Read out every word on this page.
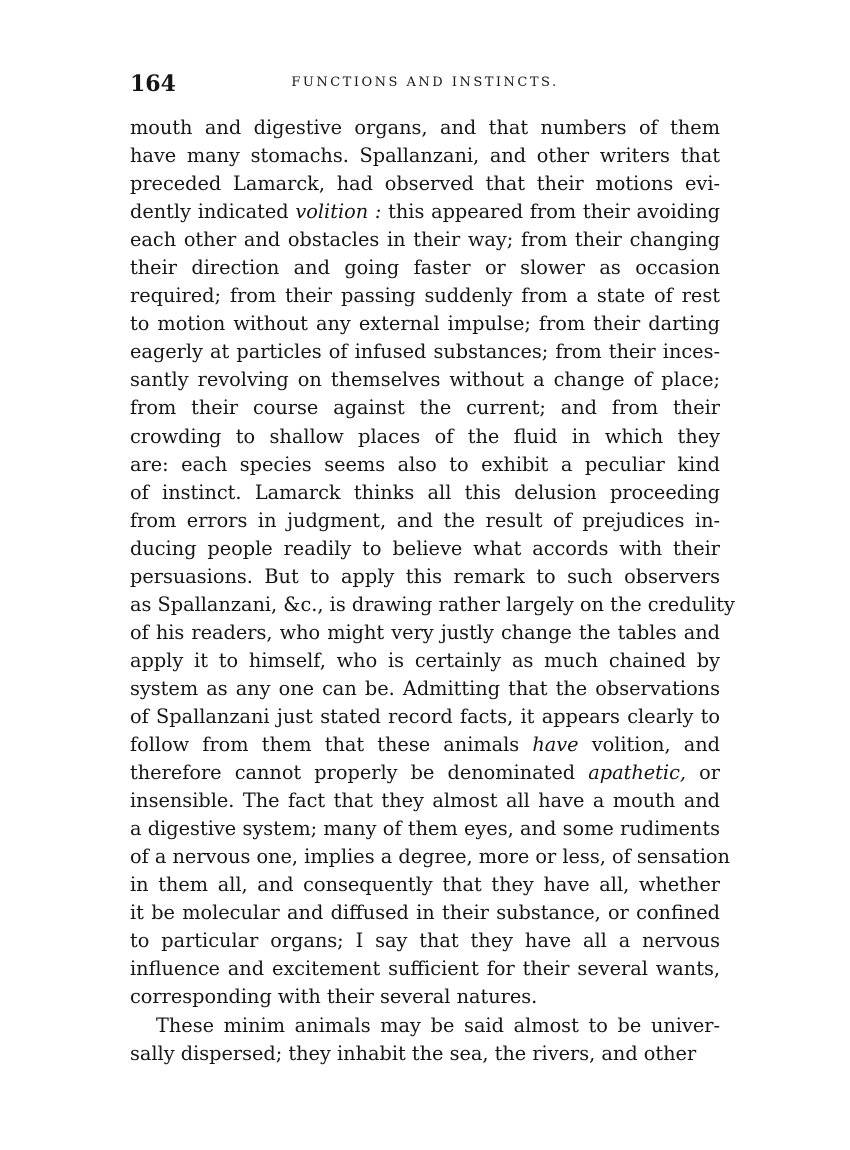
164	FUNCTIONS AND INSTINCTS.
mouth and digestive organs, and that numbers of them
have many stomachs. Spallanzani, and other writers that
preceded Lamarck, had observed that their motions evi-
dently indicated volition : this appeared from their avoiding
each other and obstacles in their way; from their changing
their direction and going faster or slower as occasion
required; from their passing suddenly from a state of rest
to motion without any external impulse; from their darting
eagerly at particles of infused substances; from their inces-
santly revolving on themselves without a change of place;
from their course against the current; and from their
crowding to shallow places of the fluid in which they
are: each species seems also to exhibit a peculiar kind
of instinct. Lamarck thinks all this delusion proceeding
from errors in judgment, and the result of prejudices in-
ducing people readily to believe what accords with their
persuasions. But to apply this remark to such observers
as Spallanzani, &c., is drawing rather largely on the credulity
of his readers, who might very justly change the tables and
apply it to himself, who is certainly as much chained by
system as any one can be. Admitting that the observations
of Spallanzani just stated record facts, it appears clearly to
follow from them that these animals have volition, and
therefore cannot properly be denominated apathetic, or
insensible. The fact that they almost all have a mouth and
a digestive system; many of them eyes, and some rudiments
of a nervous one, implies a degree, more or less, of sensation
in them all, and consequently that they have all, whether
it be molecular and diffused in their substance, or confined
to particular organs; I say that they have all a nervous
influence and excitement sufficient for their several wants,
corresponding with their several natures.
These minim animals may be said almost to be univer-
sally dispersed; they inhabit the sea, the rivers, and other
